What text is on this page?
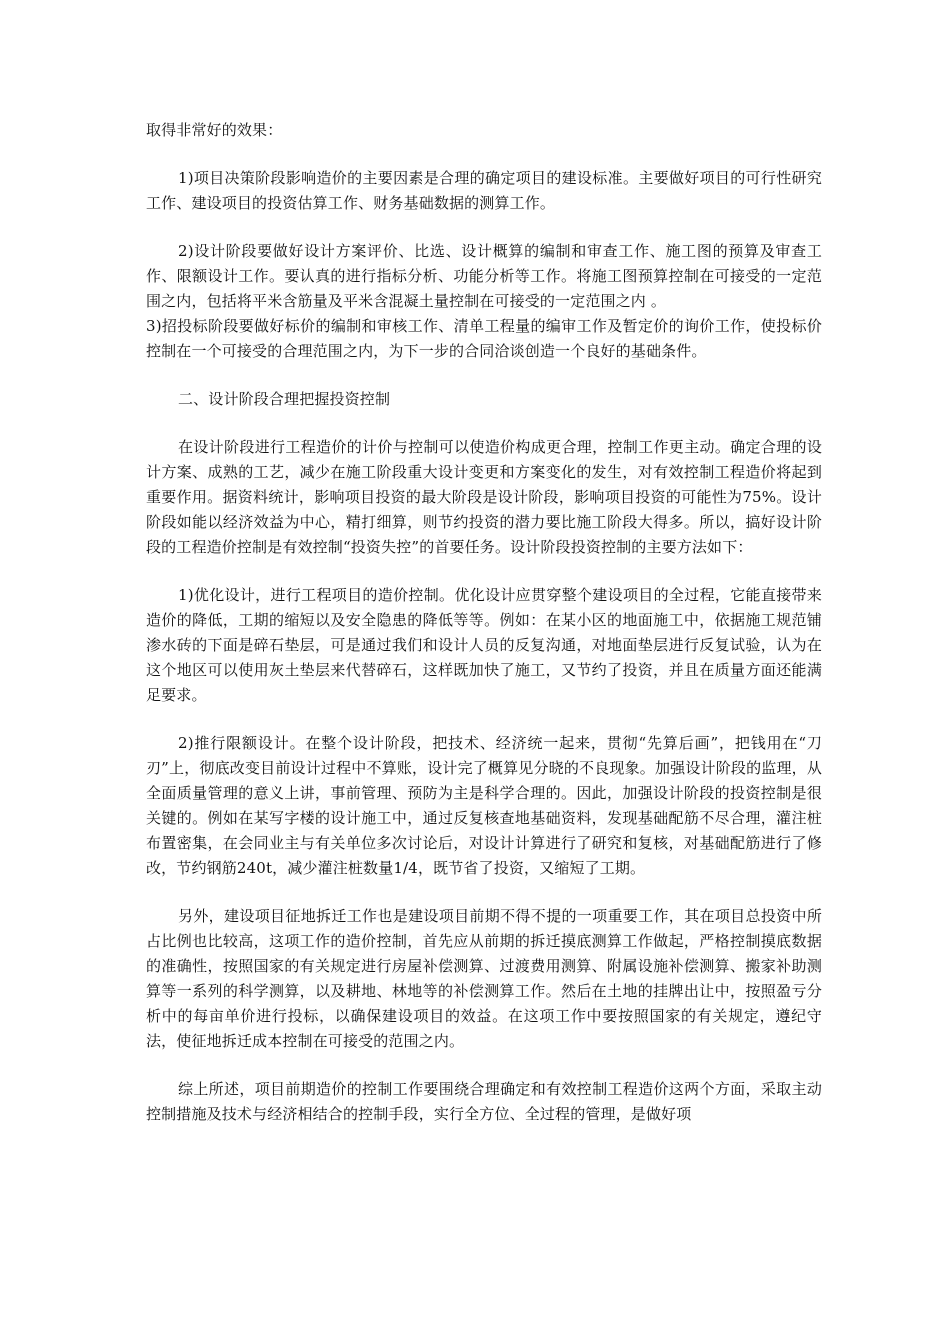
取得非常好的效果：

1)项目决策阶段影响造价的主要因素是合理的确定项目的建设标准。主要做好项目的可行性研究工作、建设项目的投资估算工作、财务基础数据的测算工作。

2)设计阶段要做好设计方案评价、比选、设计概算的编制和审查工作、施工图的预算及审查工作、限额设计工作。要认真的进行指标分析、功能分析等工作。将施工图预算控制在可接受的一定范围之内，包括将平米含筋量及平米含混凝土量控制在可接受的一定范围之内 。

3)招投标阶段要做好标价的编制和审核工作、清单工程量的编审工作及暂定价的询价工作，使投标价控制在一个可接受的合理范围之内，为下一步的合同洽谈创造一个良好的基础条件。

二、设计阶段合理把握投资控制

在设计阶段进行工程造价的计价与控制可以使造价构成更合理，控制工作更主动。确定合理的设计方案、成熟的工艺，减少在施工阶段重大设计变更和方案变化的发生，对有效控制工程造价将起到重要作用。据资料统计，影响项目投资的最大阶段是设计阶段，影响项目投资的可能性为75%。设计阶段如能以经济效益为中心，精打细算，则节约投资的潜力要比施工阶段大得多。所以，搞好设计阶段的工程造价控制是有效控制“投资失控”的首要任务。设计阶段投资控制的主要方法如下：

1)优化设计，进行工程项目的造价控制。优化设计应贯穿整个建设项目的全过程，它能直接带来造价的降低，工期的缩短以及安全隐患的降低等等。例如：在某小区的地面施工中，依据施工规范铺渗水砖的下面是碎石垫层，可是通过我们和设计人员的反复沟通，对地面垫层进行反复试验，认为在这个地区可以使用灰土垫层来代替碎石，这样既加快了施工，又节约了投资，并且在质量方面还能满足要求。

2)推行限额设计。在整个设计阶段，把技术、经济统一起来，贯彻“先算后画”，把钱用在“刀刃”上，彻底改变目前设计过程中不算账，设计完了概算见分晓的不良现象。加强设计阶段的监理，从全面质量管理的意义上讲，事前管理、预防为主是科学合理的。因此，加强设计阶段的投资控制是很关键的。例如在某写字楼的设计施工中，通过反复核查地基础资料，发现基础配筋不尽合理，灌注桩布置密集，在会同业主与有关单位多次讨论后，对设计计算进行了研究和复核，对基础配筋进行了修改，节约钢筋240t，减少灌注桩数量1/4，既节省了投资，又缩短了工期。

另外，建设项目征地拆迁工作也是建设项目前期不得不提的一项重要工作，其在项目总投资中所占比例也比较高，这项工作的造价控制，首先应从前期的拆迁摸底测算工作做起，严格控制摸底数据的准确性，按照国家的有关规定进行房屋补偿测算、过渡费用测算、附属设施补偿测算、搬家补助测算等一系列的科学测算，以及耕地、林地等的补偿测算工作。然后在土地的挂牌出让中，按照盈亏分析中的每亩单价进行投标，以确保建设项目的效益。在这项工作中要按照国家的有关规定，遵纪守法，使征地拆迁成本控制在可接受的范围之内。

综上所述，项目前期造价的控制工作要围绕合理确定和有效控制工程造价这两个方面，采取主动控制措施及技术与经济相结合的控制手段，实行全方位、全过程的管理，是做好项
